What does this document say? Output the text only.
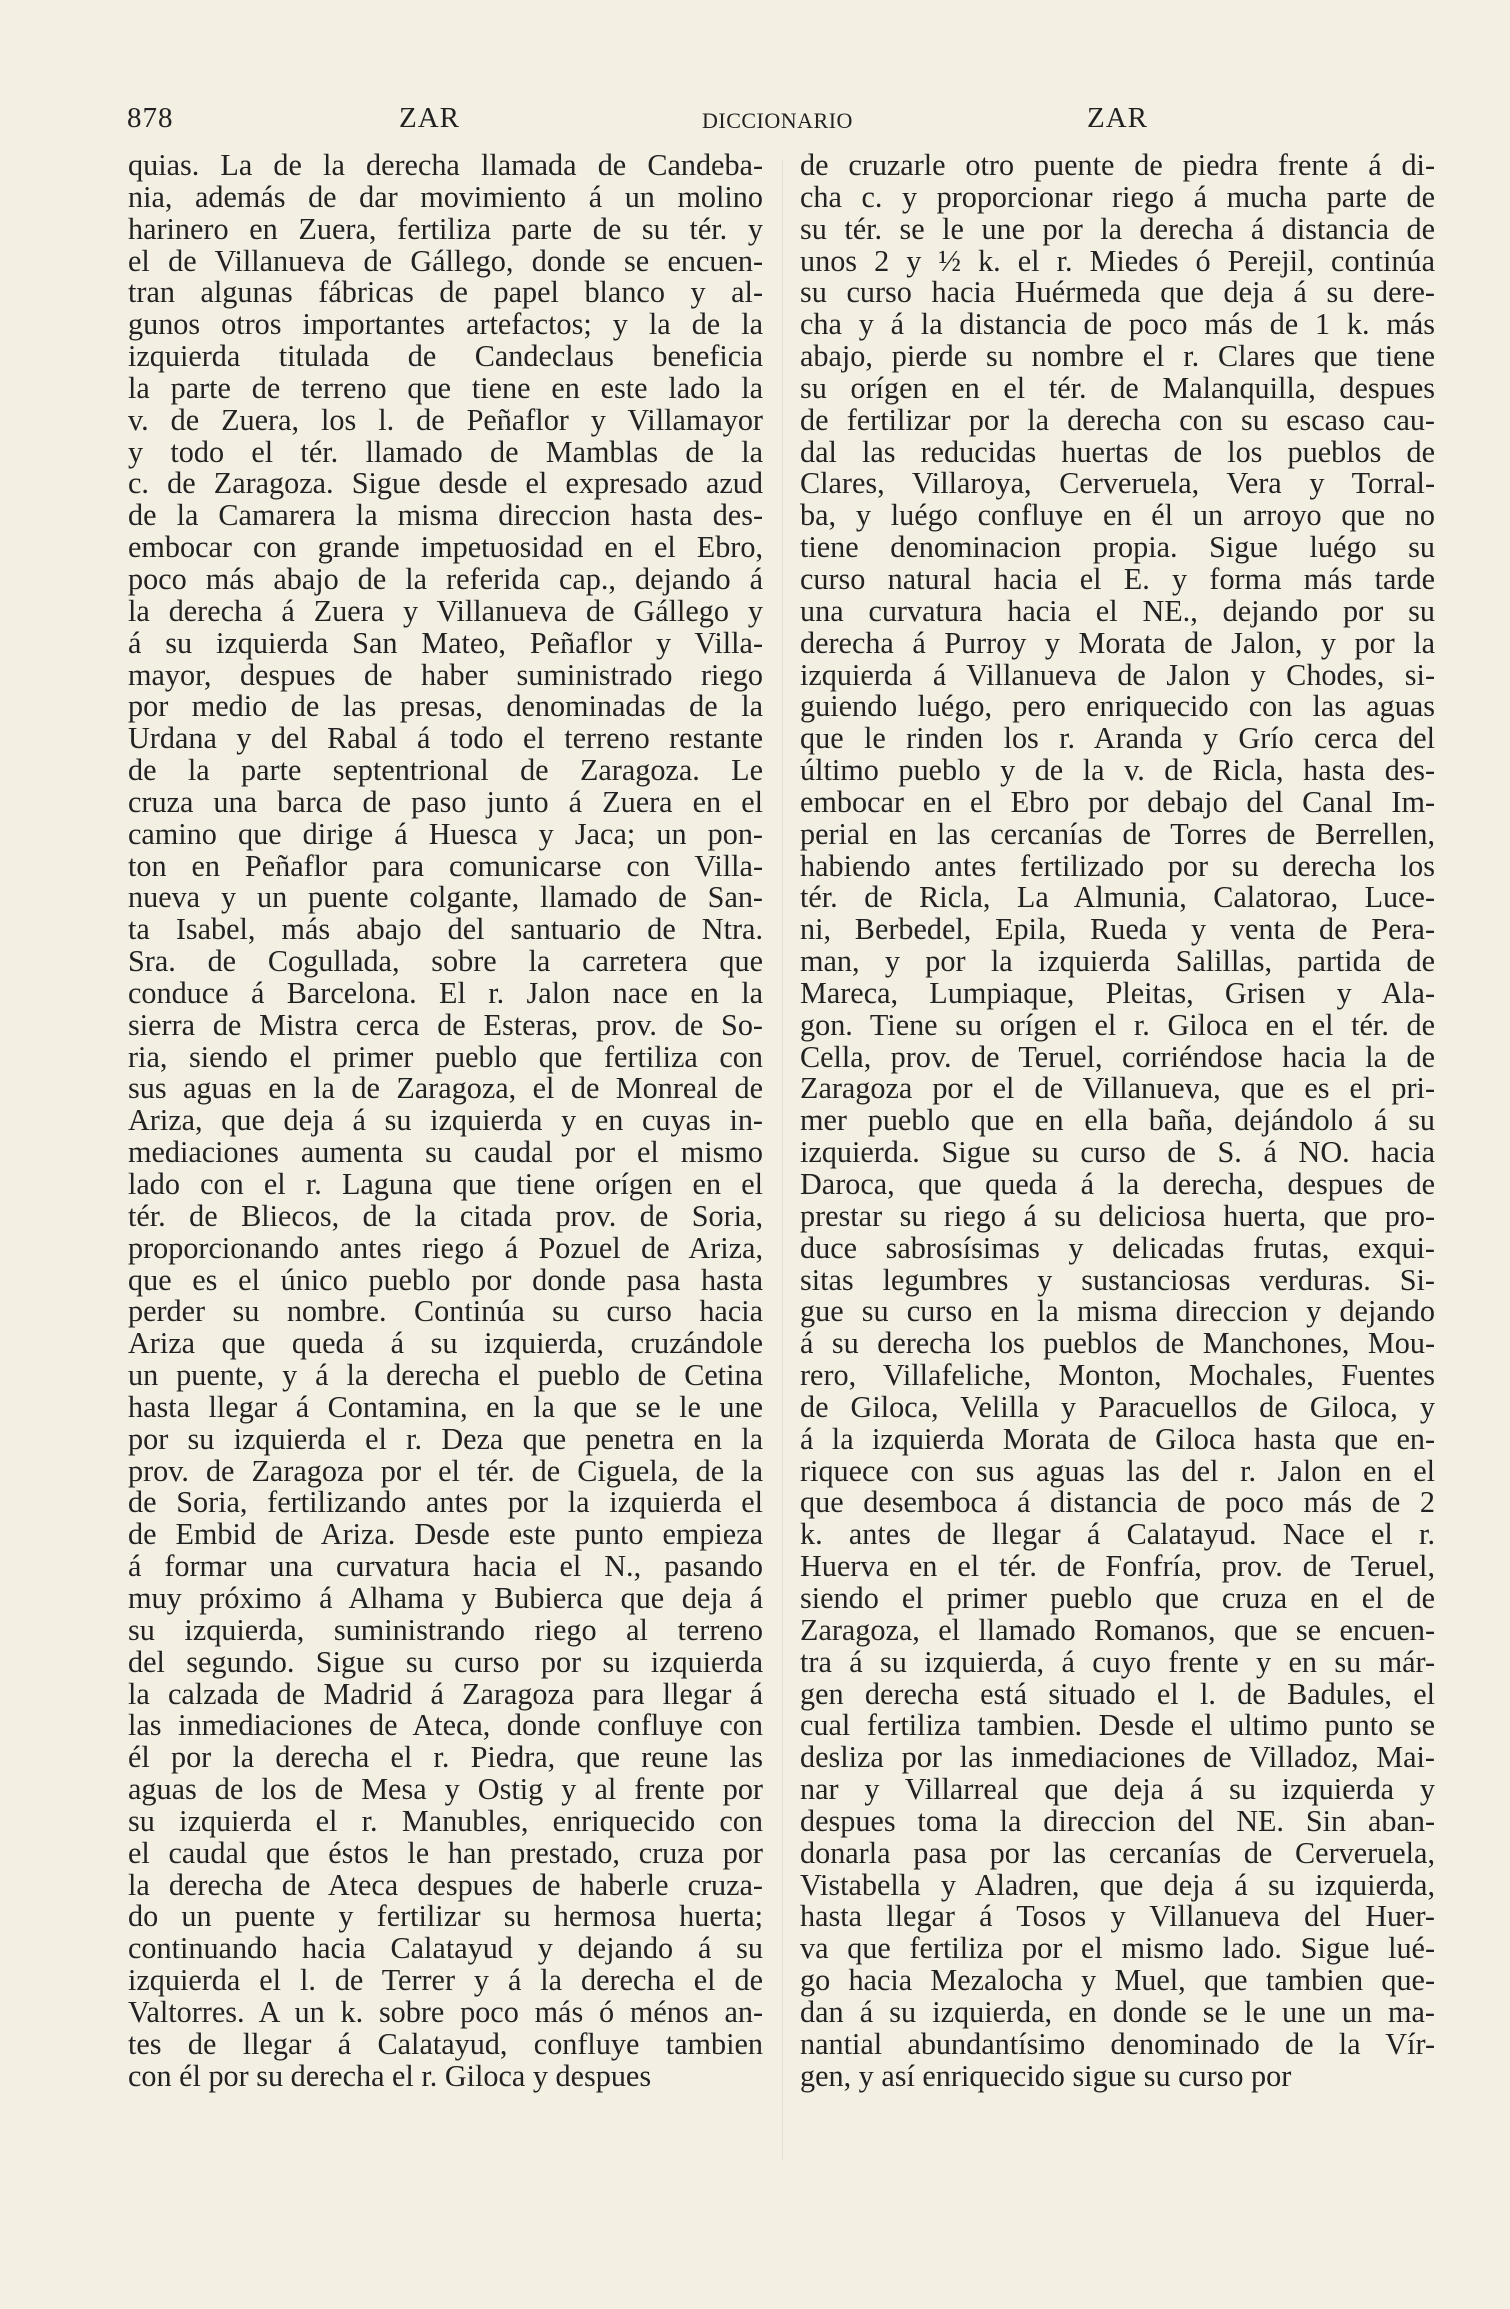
878	ZAR	DICCIONARIO	ZAR
quias. La de la derecha llamada de Candeba-
nia, además de dar movimiento á un molino
harinero en Zuera, fertiliza parte de su tér. y
el de Villanueva de Gállego, donde se encuen-
tran algunas fábricas de papel blanco y al-
gunos otros importantes artefactos; y la de la
izquierda titulada de Candeclaus beneficia
la parte de terreno que tiene en este lado la
v. de Zuera, los l. de Peñaflor y Villamayor
y todo el tér. llamado de Mamblas de la
c. de Zaragoza. Sigue desde el expresado azud
de la Camarera la misma direccion hasta des-
embocar con grande impetuosidad en el Ebro,
poco más abajo de la referida cap., dejando á
la derecha á Zuera y Villanueva de Gállego y
á su izquierda San Mateo, Peñaflor y Villa-
mayor, despues de haber suministrado riego
por medio de las presas, denominadas de la
Urdana y del Rabal á todo el terreno restante
de la parte septentrional de Zaragoza. Le
cruza una barca de paso junto á Zuera en el
camino que dirige á Huesca y Jaca; un pon-
ton en Peñaflor para comunicarse con Villa-
nueva y un puente colgante, llamado de San-
ta Isabel, más abajo del santuario de Ntra.
Sra. de Cogullada, sobre la carretera que
conduce á Barcelona. El r. Jalon nace en la
sierra de Mistra cerca de Esteras, prov. de So-
ria, siendo el primer pueblo que fertiliza con
sus aguas en la de Zaragoza, el de Monreal de
Ariza, que deja á su izquierda y en cuyas in-
mediaciones aumenta su caudal por el mismo
lado con el r. Laguna que tiene orígen en el
tér. de Bliecos, de la citada prov. de Soria,
proporcionando antes riego á Pozuel de Ariza,
que es el único pueblo por donde pasa hasta
perder su nombre. Continúa su curso hacia
Ariza que queda á su izquierda, cruzándole
un puente, y á la derecha el pueblo de Cetina
hasta llegar á Contamina, en la que se le une
por su izquierda el r. Deza que penetra en la
prov. de Zaragoza por el tér. de Ciguela, de la
de Soria, fertilizando antes por la izquierda el
de Embid de Ariza. Desde este punto empieza
á formar una curvatura hacia el N., pasando
muy próximo á Alhama y Bubierca que deja á
su izquierda, suministrando riego al terreno
del segundo. Sigue su curso por su izquierda
la calzada de Madrid á Zaragoza para llegar á
las inmediaciones de Ateca, donde confluye con
él por la derecha el r. Piedra, que reune las
aguas de los de Mesa y Ostig y al frente por
su izquierda el r. Manubles, enriquecido con
el caudal que éstos le han prestado, cruza por
la derecha de Ateca despues de haberle cruza-
do un puente y fertilizar su hermosa huerta;
continuando hacia Calatayud y dejando á su
izquierda el l. de Terrer y á la derecha el de
Valtorres. A un k. sobre poco más ó ménos an-
tes de llegar á Calatayud, confluye tambien
con él por su derecha el r. Giloca y despues
de cruzarle otro puente de piedra frente á di-
cha c. y proporcionar riego á mucha parte de
su tér. se le une por la derecha á distancia de
unos 2 y ½ k. el r. Miedes ó Perejil, continúa
su curso hacia Huérmeda que deja á su dere-
cha y á la distancia de poco más de 1 k. más
abajo, pierde su nombre el r. Clares que tiene
su orígen en el tér. de Malanquilla, despues
de fertilizar por la derecha con su escaso cau-
dal las reducidas huertas de los pueblos de
Clares, Villaroya, Cerveruela, Vera y Torral-
ba, y luégo confluye en él un arroyo que no
tiene denominacion propia. Sigue luégo su
curso natural hacia el E. y forma más tarde
una curvatura hacia el NE., dejando por su
derecha á Purroy y Morata de Jalon, y por la
izquierda á Villanueva de Jalon y Chodes, si-
guiendo luégo, pero enriquecido con las aguas
que le rinden los r. Aranda y Grío cerca del
último pueblo y de la v. de Ricla, hasta des-
embocar en el Ebro por debajo del Canal Im-
perial en las cercanías de Torres de Berrellen,
habiendo antes fertilizado por su derecha los
tér. de Ricla, La Almunia, Calatorao, Luce-
ni, Berbedel, Epila, Rueda y venta de Pera-
man, y por la izquierda Salillas, partida de
Mareca, Lumpiaque, Pleitas, Grisen y Ala-
gon. Tiene su orígen el r. Giloca en el tér. de
Cella, prov. de Teruel, corriéndose hacia la de
Zaragoza por el de Villanueva, que es el pri-
mer pueblo que en ella baña, dejándolo á su
izquierda. Sigue su curso de S. á NO. hacia
Daroca, que queda á la derecha, despues de
prestar su riego á su deliciosa huerta, que pro-
duce sabrosísimas y delicadas frutas, exqui-
sitas legumbres y sustanciosas verduras. Si-
gue su curso en la misma direccion y dejando
á su derecha los pueblos de Manchones, Mou-
rero, Villafeliche, Monton, Mochales, Fuentes
de Giloca, Velilla y Paracuellos de Giloca, y
á la izquierda Morata de Giloca hasta que en-
riquece con sus aguas las del r. Jalon en el
que desemboca á distancia de poco más de 2
k. antes de llegar á Calatayud. Nace el r.
Huerva en el tér. de Fonfría, prov. de Teruel,
siendo el primer pueblo que cruza en el de
Zaragoza, el llamado Romanos, que se encuen-
tra á su izquierda, á cuyo frente y en su már-
gen derecha está situado el l. de Badules, el
cual fertiliza tambien. Desde el ultimo punto se
desliza por las inmediaciones de Villadoz, Mai-
nar y Villarreal que deja á su izquierda y
despues toma la direccion del NE. Sin aban-
donarla pasa por las cercanías de Cerveruela,
Vistabella y Aladren, que deja á su izquierda,
hasta llegar á Tosos y Villanueva del Huer-
va que fertiliza por el mismo lado. Sigue lué-
go hacia Mezalocha y Muel, que tambien que-
dan á su izquierda, en donde se le une un ma-
nantial abundantísimo denominado de la Vír-
gen, y así enriquecido sigue su curso por
